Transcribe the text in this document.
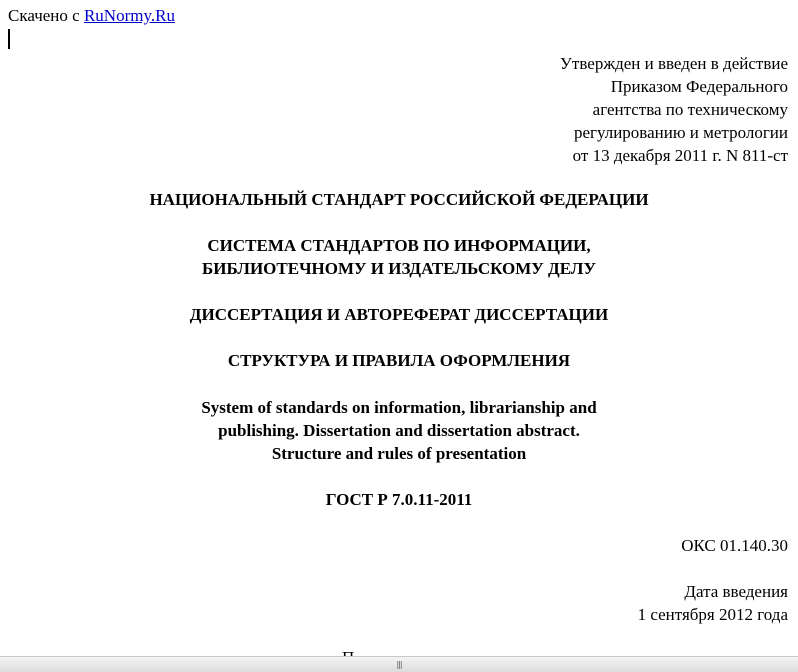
Скачено с RuNormy.Ru
Утвержден и введен в действие
Приказом Федерального
агентства по техническому
регулированию и метрологии
от 13 декабря 2011 г. N 811-ст
НАЦИОНАЛЬНЫЙ СТАНДАРТ РОССИЙСКОЙ ФЕДЕРАЦИИ
СИСТЕМА СТАНДАРТОВ ПО ИНФОРМАЦИИ,
БИБЛИОТЕЧНОМУ И ИЗДАТЕЛЬСКОМУ ДЕЛУ
ДИССЕРТАЦИЯ И АВТОРЕФЕРАТ ДИССЕРТАЦИИ
СТРУКТУРА И ПРАВИЛА ОФОРМЛЕНИЯ
System of standards on information, librarianship and
publishing. Dissertation and dissertation abstract.
Structure and rules of presentation
ГОСТ Р 7.0.11-2011
ОКС 01.140.30
Дата введения
1 сентября 2012 года
|||
